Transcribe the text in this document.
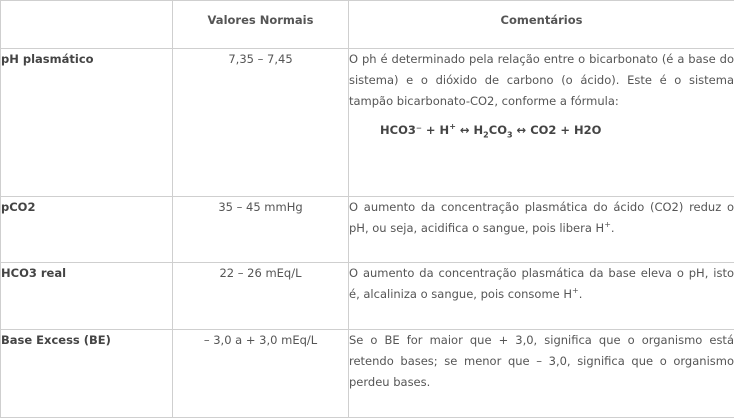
	Valores Normais	Comentários
pH plasmático	7,35 – 7,45	O ph é determinado pela relação entre o bicarbonato (é a base do sistema) e o dióxido de carbono (o ácido). Este é o sistema tampão bicarbonato-CO2, conforme a fórmula:
HCO3⁻ + H+ ↔ $H_2CO_3$ ↔ CO2 + H2O

pCO2	35 – 45 mmHg	O aumento da concentração plasmática do ácido (CO2) reduz o pH, ou seja, acidifica o sangue, pois libera H+.
HCO3 real	22 – 26 mEq/L	O aumento da concentração plasmática da base eleva o pH, isto é, alcaliniza o sangue, pois consome H+.
Base Excess (BE)	– 3,0 a + 3,0 mEq/L	Se o BE for maior que + 3,0, significa que o organismo está retendo bases; se menor que – 3,0, significa que o organismo perdeu bases.
